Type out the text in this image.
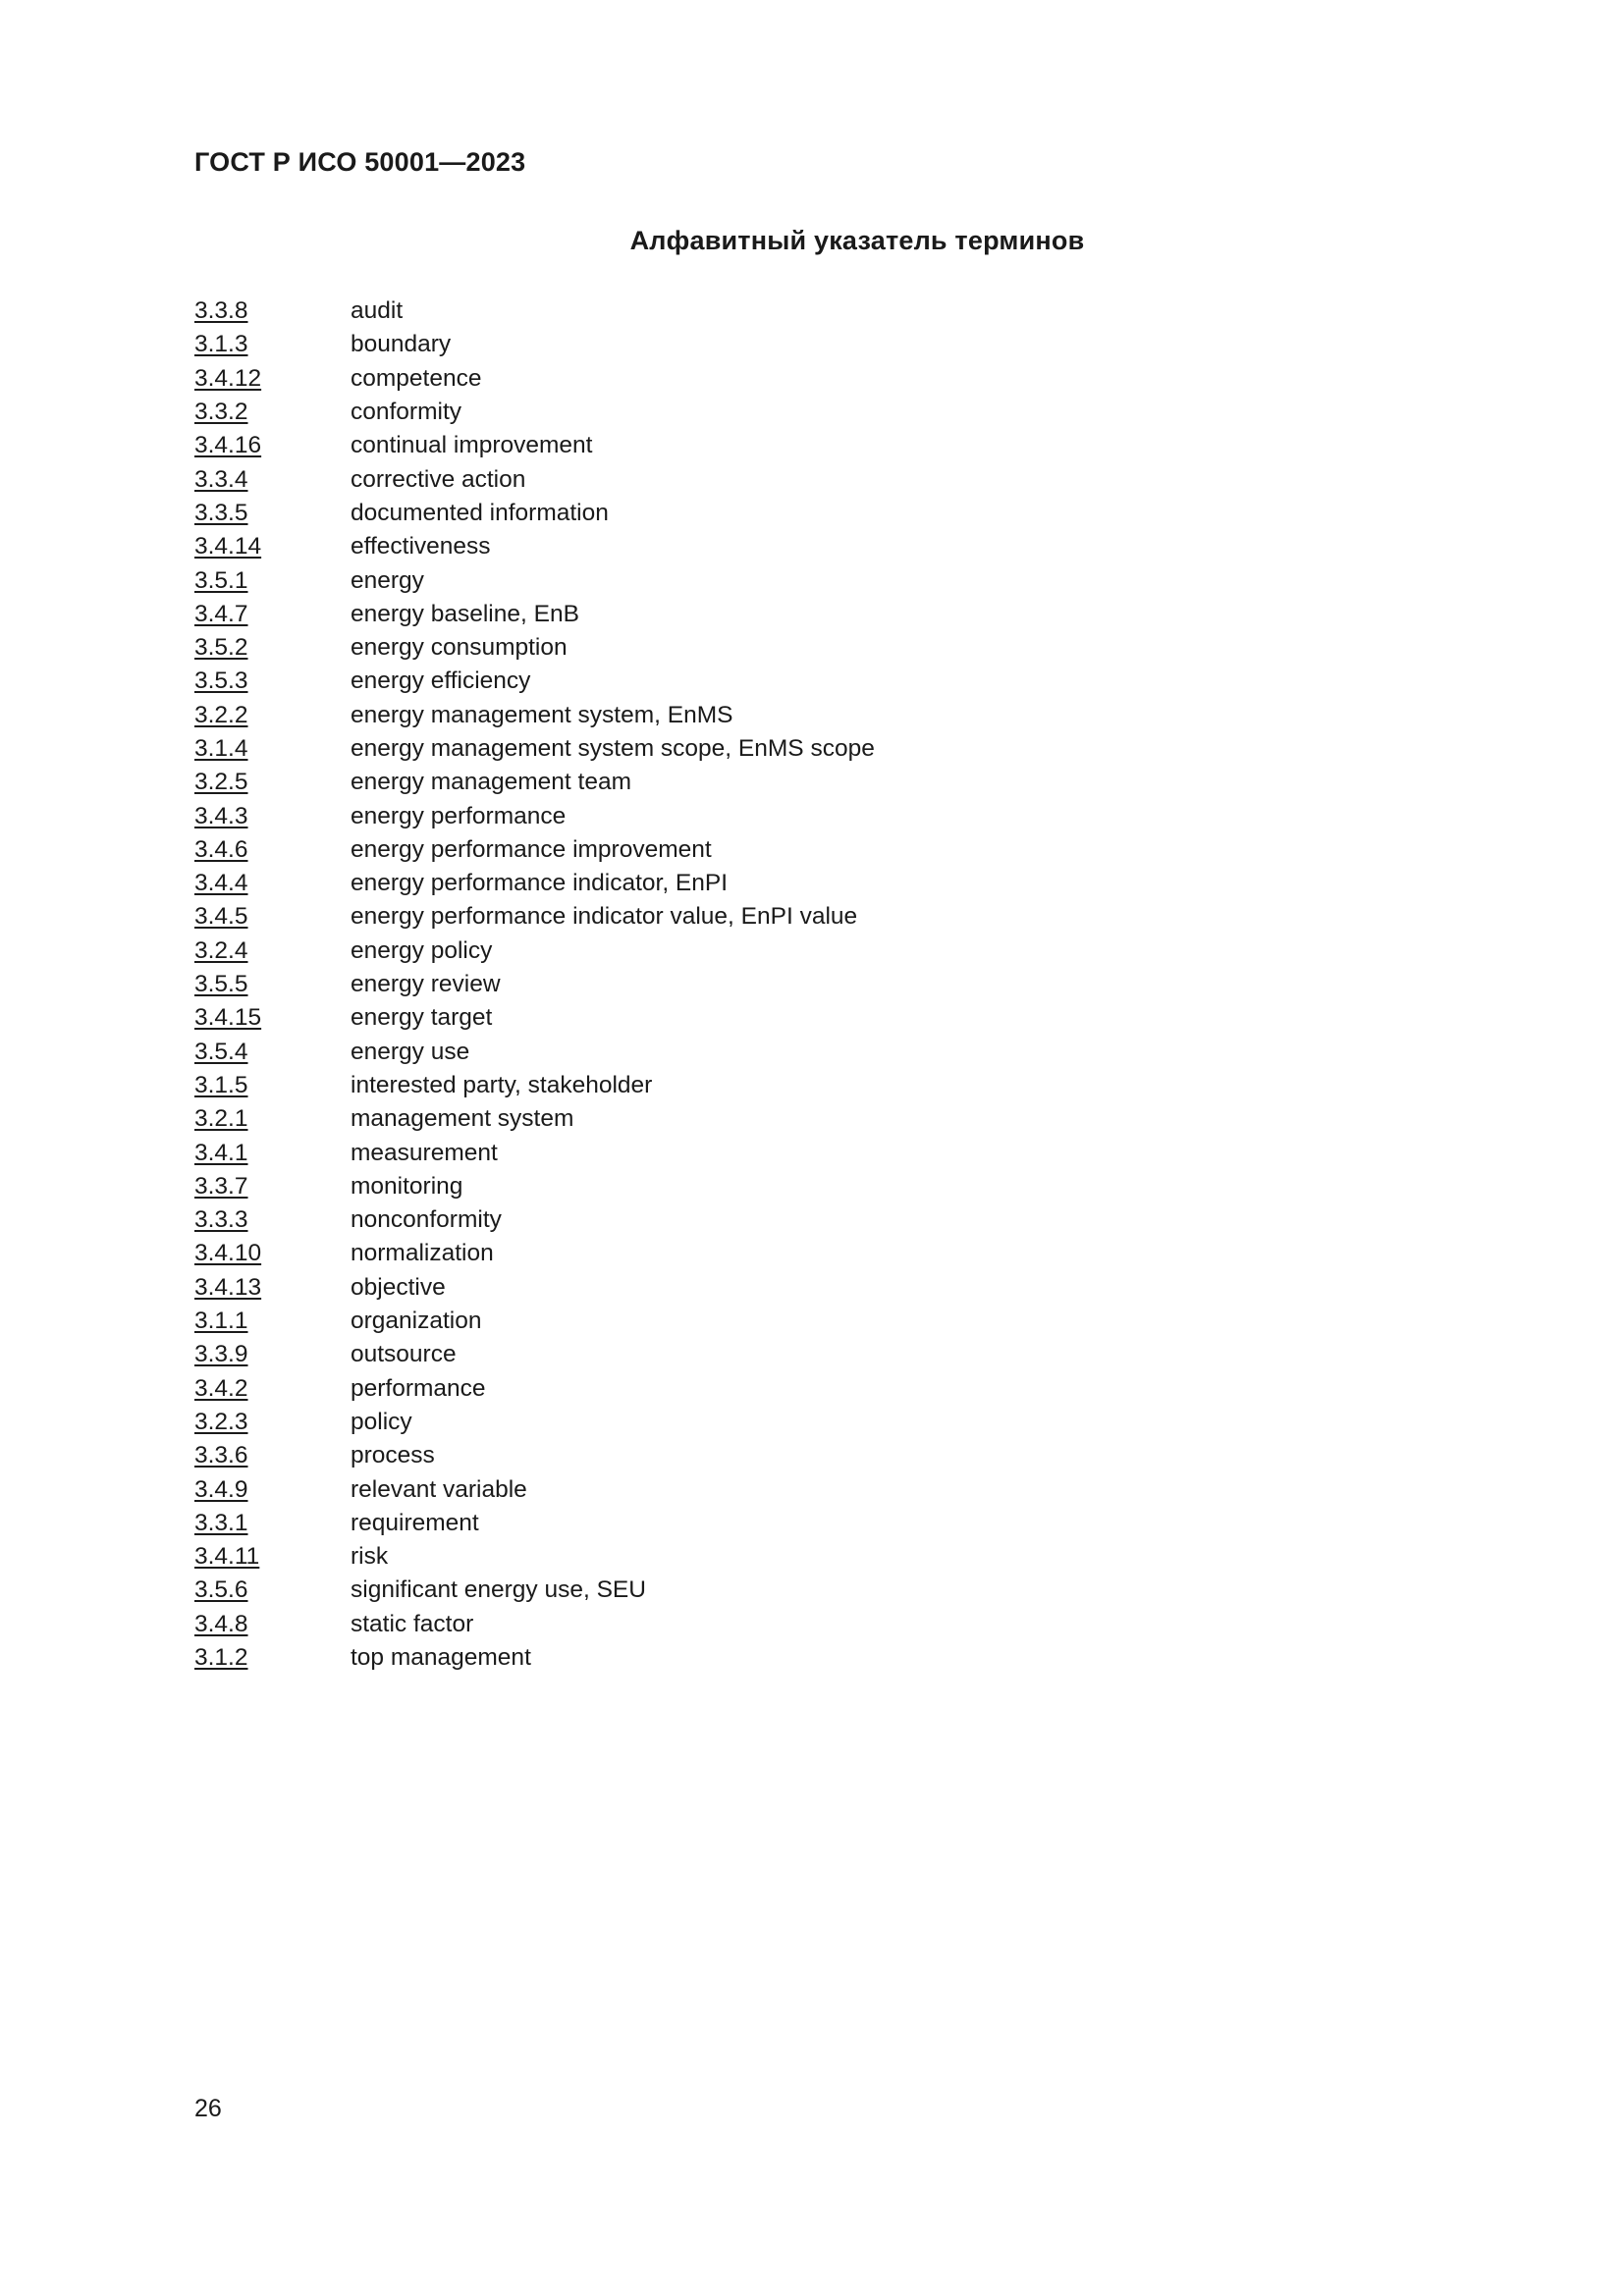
ГОСТ Р ИСО 50001—2023
Алфавитный указатель терминов
3.3.8	audit
3.1.3	boundary
3.4.12	competence
3.3.2	conformity
3.4.16	continual improvement
3.3.4	corrective action
3.3.5	documented information
3.4.14	effectiveness
3.5.1	energy
3.4.7	energy baseline, EnB
3.5.2	energy consumption
3.5.3	energy efficiency
3.2.2	energy management system, EnMS
3.1.4	energy management system scope, EnMS scope
3.2.5	energy management team
3.4.3	energy performance
3.4.6	energy performance improvement
3.4.4	energy performance indicator, EnPI
3.4.5	energy performance indicator value, EnPI value
3.2.4	energy policy
3.5.5	energy review
3.4.15	energy target
3.5.4	energy use
3.1.5	interested party, stakeholder
3.2.1	management system
3.4.1	measurement
3.3.7	monitoring
3.3.3	nonconformity
3.4.10	normalization
3.4.13	objective
3.1.1	organization
3.3.9	outsource
3.4.2	performance
3.2.3	policy
3.3.6	process
3.4.9	relevant variable
3.3.1	requirement
3.4.11	risk
3.5.6	significant energy use, SEU
3.4.8	static factor
3.1.2	top management

26
